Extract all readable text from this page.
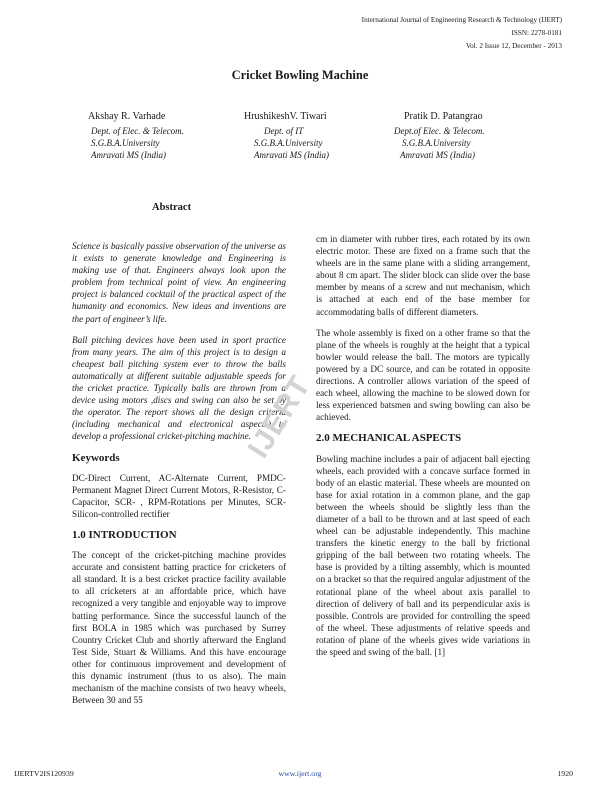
International Journal of Engineering Research & Technology (IJERT)
ISSN: 2278-0181
Vol. 2 Issue 12, December - 2013
Cricket Bowling Machine
Akshay R. Varhade
Dept. of Elec. & Telecom.
S.G.B.A.University
Amravati MS (India)
HrushikeshV. Tiwari
Dept. of IT
S.G.B.A.University
Amravati MS (India)
Pratik D. Patangrao
Dept.of Elec. & Telecom.
S.G.B.A.University
Amravati MS (India)
Abstract

Science is basically passive observation of the universe as it exists to generate knowledge and Engineering is making use of that. Engineers always look upon the problem from technical point of view. An engineering project is balanced cocktail of the practical aspect of the humanity and economics. New ideas and inventions are the part of engineer’s life.

Ball pitching devices have been used in sport practice from many years. The aim of this project is to design a cheapest ball pitching system ever to throw the balls automatically at different suitable adjustable speeds for the cricket practice. Typically balls are thrown from a device using motors ,discs and swing can also be set by the operator. The report shows all the design criteria (including mechanical and electronical aspects) to develop a professional cricket-pitching machine.

Keywords

DC-Direct Current, AC-Alternate Current, PMDC-Permanent Magnet Direct Current Motors, R-Resistor, C-Capacitor, SCR- , RPM-Rotations per Minutes, SCR-Silicon-controlled rectifier

1.0 INTRODUCTION

The concept of the cricket-pitching machine provides accurate and consistent batting practice for cricketers of all standard. It is a best cricket practice facility available to all cricketers at an affordable price, which have recognized a very tangible and enjoyable way to improve batting performance. Since the successful launch of the first BOLA in 1985 which was purchased by Surrey Country Cricket Club and shortly afterward the England Test Side, Stuart & Williams. And this have encourage other for continuous improvement and development of this dynamic instrument (thus to us also). The main mechanism of the machine consists of two heavy wheels, Between 30 and 55

cm in diameter with rubber tires, each rotated by its own electric motor. These are fixed on a frame such that the wheels are in the same plane with a sliding arrangement, about 8 cm apart. The slider block can slide over the base member by means of a screw and nut mechanism, which is attached at each end of the base member for accommodating balls of different diameters.

The whole assembly is fixed on a other frame so that the plane of the wheels is roughly at the height that a typical bowler would release the ball. The motors are typically powered by a DC source, and can be rotated in opposite directions. A controller allows variation of the speed of each wheel, allowing the machine to be slowed down for less experienced batsmen and swing bowling can also be achieved.

2.0 MECHANICAL ASPECTS

Bowling machine includes a pair of adjacent ball ejecting wheels, each provided with a concave surface formed in body of an elastic material. These wheels are mounted on base for axial rotation in a common plane, and the gap between the wheels should be slightly less than the diameter of a ball to be thrown and at last speed of each wheel can be adjustable independently. This machine transfers the kinetic energy to the ball by frictional gripping of the ball between two rotating wheels. The base is provided by a tilting assembly, which is mounted on a bracket so that the required angular adjustment of the rotational plane of the wheel about axis parallel to direction of delivery of ball and its perpendicular axis is possible. Controls are provided for controlling the speed of the wheel. These adjustments of relative speeds and rotation of plane of the wheels gives wide variations in the speed and swing of the ball. [1]

IJERT
IJERTV2IS120939	www.ijert.org	1920
